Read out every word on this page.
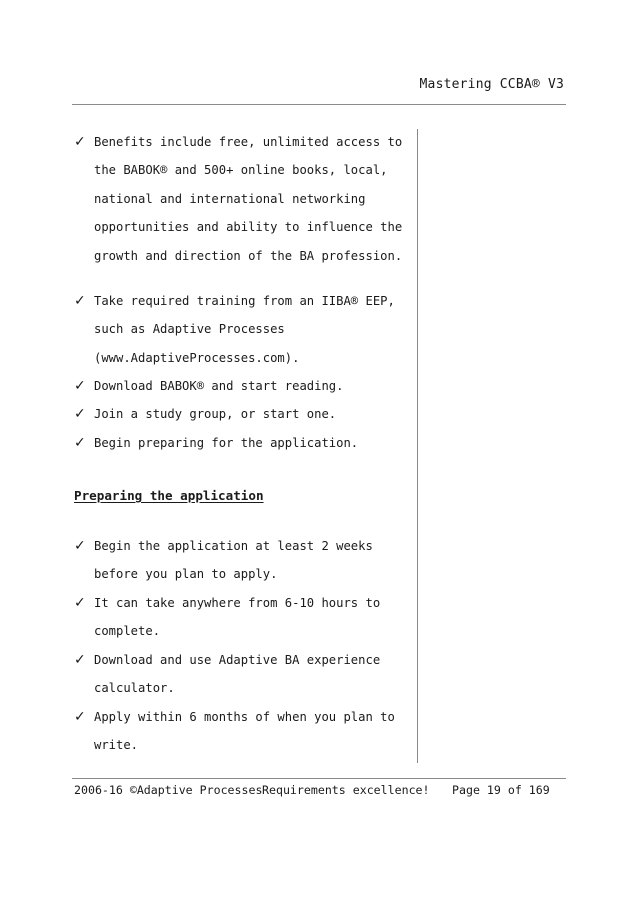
Mastering CCBA® V3
✓ Benefits include free, unlimited access to
the BABOK® and 500+ online books, local,
national and international networking
opportunities and ability to influence the
growth and direction of the BA profession.
✓ Take required training from an IIBA® EEP,
such as Adaptive Processes
(www.AdaptiveProcesses.com).
✓ Download BABOK® and start reading.
✓ Join a study group, or start one.
✓ Begin preparing for the application.
Preparing the application
✓ Begin the application at least 2 weeks
before you plan to apply.
✓ It can take anywhere from 6-10 hours to
complete.
✓ Download and use Adaptive BA experience
calculator.
✓ Apply within 6 months of when you plan to
write.
2006-16 ©Adaptive Processes Requirements excellence! Page 19 of 169
